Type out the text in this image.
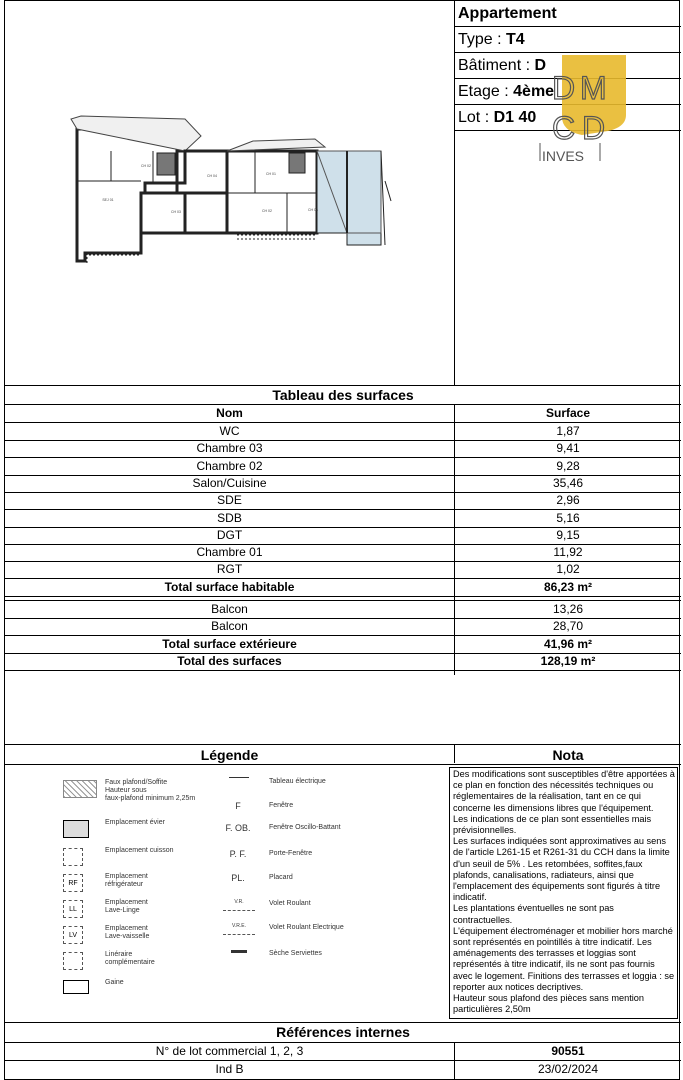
CH 02
SEJ 01
CH 03
CH 04	CH 01
CH 02	CH 03
Appartement
Type : T4
Bâtiment : D
Etage : 4ème
Lot : D1 40
D M
C D
INVES
Tableau des surfaces
Nom	Surface
Légende	Nota
Des modifications sont susceptibles d'être apportées à ce plan en fonction des nécessités techniques ou réglementaires de la réalisation, tant en ce qui concerne les dimensions libres que l'équipement.
Les indications de ce plan sont essentielles mais prévisionnelles.
Les surfaces indiquées sont approximatives au sens de l'article L261-15 et R261-31 du CCH dans la limite d'un seuil de 5% . Les retombées, soffites,faux plafonds, canalisations, radiateurs, ainsi que l'emplacement des équipements sont figurés à titre indicatif.
Les plantations éventuelles ne sont pas contractuelles.
L'équipement électroménager et mobilier hors marché sont représentés en pointillés à titre indicatif. Les aménagements des terrasses et loggias sont représentés à titre indicatif, ils ne sont pas fournis avec le logement. Finitions des terrasses et loggia : se reporter aux notices decriptives.
Hauteur sous plafond des pièces sans mention particulières 2,50m
Références internes
N° de lot commercial 1, 2, 3	90551
Ind B	23/02/2024
WC	1,87
Chambre 03	9,41
Chambre 02	9,28
Salon/Cuisine	35,46
SDE	2,96
SDB	5,16
DGT	9,15
Chambre 01	11,92
RGT	1,02
Total surface habitable	86,23 m²
Balcon	13,26
Balcon	28,70
Total surface extérieure	41,96 m²
Total des surfaces	128,19 m²
Faux plafond/Soffite
Hauteur sous
faux-plafond minimum 2,25m
Emplacement évier
Emplacement cuisson
RF
Emplacement
réfrigérateur
LL
Emplacement
Lave-Linge
LV
Emplacement
Lave-vaisselle
Linéraire
complémentaire
Gaine
Tableau électrique
F	Fenêtre
F. OB.	Fenêtre Oscillo-Battant
P. F.	Porte-Fenêtre
PL.	Placard
V.R.	Volet Roulant
V.R.E.	Volet Roulant Electrique
Sèche Serviettes
